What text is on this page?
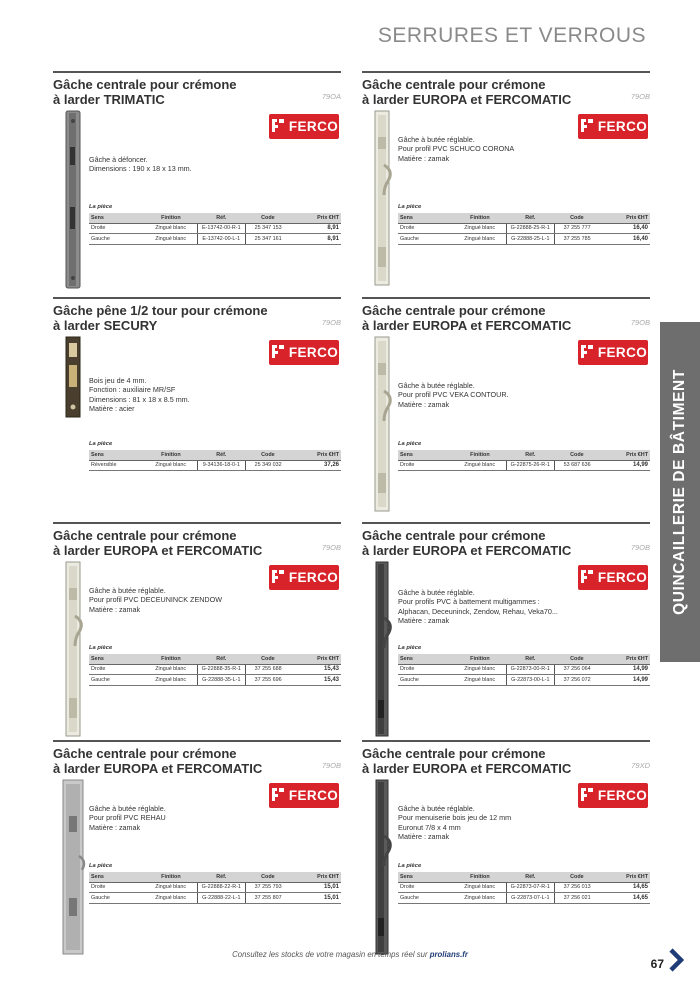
SERRURES ET VERROUS
QUINCAILLERIE DE BÂTIMENT
Gâche centrale pour crémone
à larder TRIMATIC	79OA
FERCO
Gâche à défoncer.
Dimensions : 190 x 18 x 13 mm.
La pièce
Sens	Finition	Réf.	Code	Prix €HT
Droite	Zingué blanc	E-13742-00-R-1	25 347 153	8,91
Gauche	Zingué blanc	E-13742-00-L-1	25 347 161	8,91
Gâche centrale pour crémone
à larder EUROPA et FERCOMATIC	79OB
FERCO
Gâche à butée réglable.
Pour profil PVC SCHUCO CORONA
Matière : zamak
La pièce
Sens	Finition	Réf.	Code	Prix €HT
Droite	Zingué blanc	G-22888-25-R-1	37 255 777	16,40
Gauche	Zingué blanc	G-22888-25-L-1	37 255 785	16,40
Gâche pêne 1/2 tour pour crémone
à larder SECURY	79OB
FERCO
Bois jeu de 4 mm.
Fonction : auxiliaire MR/SF
Dimensions : 81 x 18 x 8.5 mm.
Matière : acier
La pièce
Sens	Finition	Réf.	Code	Prix €HT
Réversible	Zingué blanc	9-34136-18-0-1	25 349 032	37,26
Gâche centrale pour crémone
à larder EUROPA et FERCOMATIC	79OB
FERCO
Gâche à butée réglable.
Pour profil PVC VEKA CONTOUR.
Matière : zamak
La pièce
Sens	Finition	Réf.	Code	Prix €HT
Droite	Zingué blanc	G-22875-26-R-1	53 687 636	14,99
Gâche centrale pour crémone
à larder EUROPA et FERCOMATIC	79OB
FERCO
Gâche à butée réglable.
Pour profil PVC DECEUNINCK ZENDOW
Matière : zamak
La pièce
Sens	Finition	Réf.	Code	Prix €HT
Droite	Zingué blanc	G-22888-35-R-1	37 255 688	15,43
Gauche	Zingué blanc	G-22888-35-L-1	37 255 696	15,43
Gâche centrale pour crémone
à larder EUROPA et FERCOMATIC	79OB
FERCO
Gâche à butée réglable.
Pour profils PVC à battement multigammes :
Alphacan, Deceuninck, Zendow, Rehau, Veka70...
Matière : zamak
La pièce
Sens	Finition	Réf.	Code	Prix €HT
Droite	Zingué blanc	G-22873-00-R-1	37 256 064	14,99
Gauche	Zingué blanc	G-22873-00-L-1	37 256 072	14,99
Gâche centrale pour crémone
à larder EUROPA et FERCOMATIC	79OB
FERCO
Gâche à butée réglable.
Pour profil PVC REHAU
Matière : zamak
La pièce
Sens	Finition	Réf.	Code	Prix €HT
Droite	Zingué blanc	G-22888-22-R-1	37 255 793	15,01
Gauche	Zingué blanc	G-22888-22-L-1	37 255 807	15,01
Gâche centrale pour crémone
à larder EUROPA et FERCOMATIC	79XD
FERCO
Gâche à butée réglable.
Pour menuiserie bois jeu de 12 mm
Euronut 7/8 x 4 mm
Matière : zamak
La pièce
Sens	Finition	Réf.	Code	Prix €HT
Droite	Zingué blanc	G-22873-07-R-1	37 256 013	14,65
Gauche	Zingué blanc	G-22873-07-L-1	37 256 021	14,65
Consultez les stocks de votre magasin en temps réel sur prolians.fr
67
